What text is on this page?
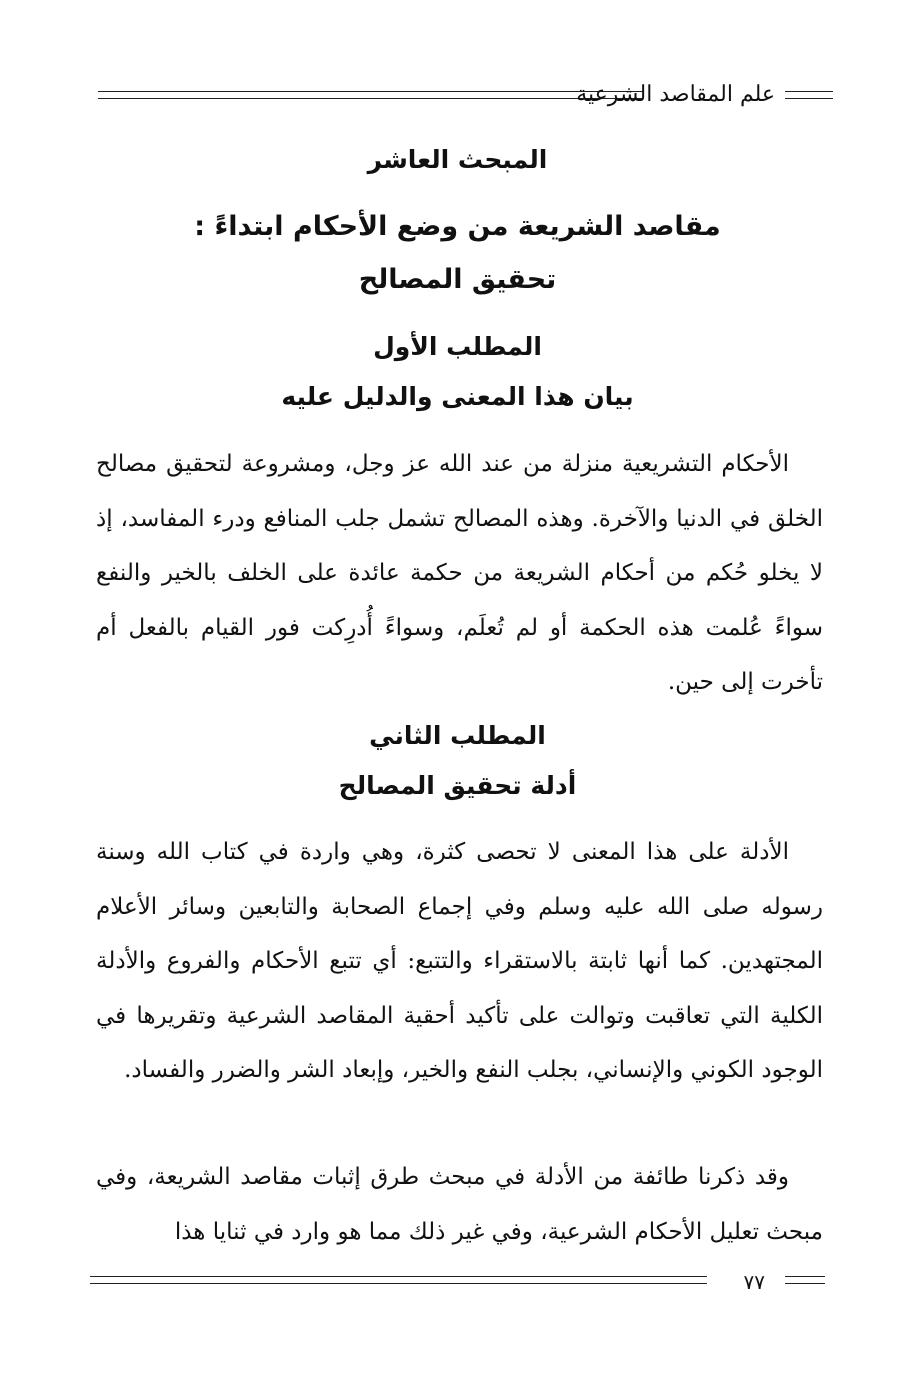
علم المقاصد الشرعية
المبحث العاشر
مقاصد الشريعة من وضع الأحكام ابتداءً :
تحقيق المصالح
المطلب الأول
بيان هذا المعنى والدليل عليه
الأحكام التشريعية منزلة من عند الله عز وجل، ومشروعة لتحقيق مصالح الخلق في الدنيا والآخرة. وهذه المصالح تشمل جلب المنافع ودرء المفاسد، إذ لا يخلو حُكم من أحكام الشريعة من حكمة عائدة على الخلف بالخير والنفع سواءً عُلمت هذه الحكمة أو لم تُعلَم، وسواءً أُدرِكت فور القيام بالفعل أم تأخرت إلى حين.
المطلب الثاني
أدلة تحقيق المصالح
الأدلة على هذا المعنى لا تحصى كثرة، وهي واردة في كتاب الله وسنة رسوله صلى الله عليه وسلم وفي إجماع الصحابة والتابعين وسائر الأعلام المجتهدين. كما أنها ثابتة بالاستقراء والتتبع: أي تتبع الأحكام والفروع والأدلة الكلية التي تعاقبت وتوالت على تأكيد أحقية المقاصد الشرعية وتقريرها في الوجود الكوني والإنساني، بجلب النفع والخير، وإبعاد الشر والضرر والفساد.
وقد ذكرنا طائفة من الأدلة في مبحث طرق إثبات مقاصد الشريعة، وفي مبحث تعليل الأحكام الشرعية، وفي غير ذلك مما هو وارد في ثنايا هذا
٧٧
